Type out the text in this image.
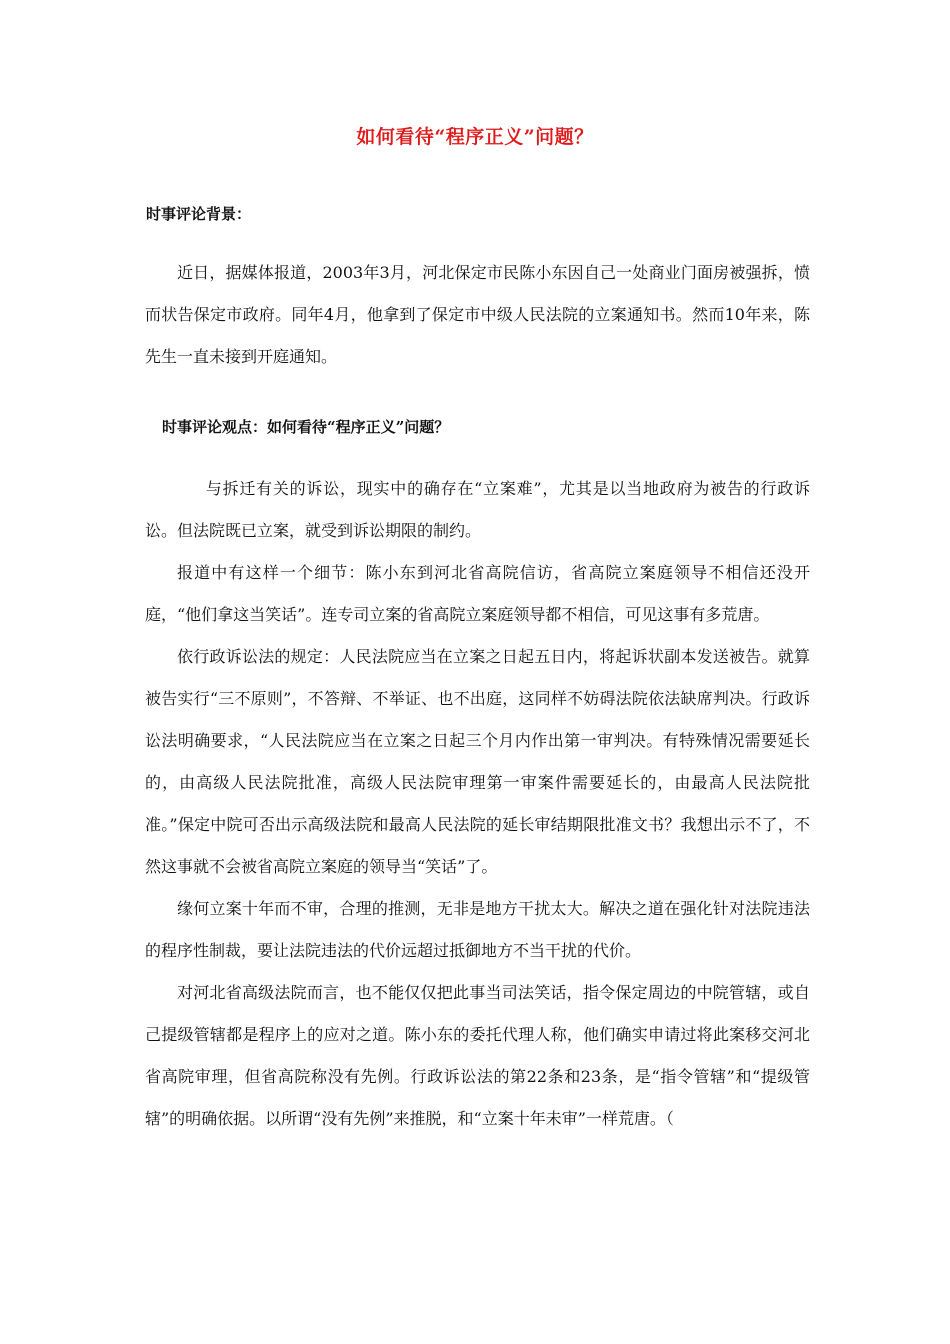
如何看待“程序正义”问题？
时事评论背景：

近日，据媒体报道，2003年3月，河北保定市民陈小东因自己一处商业门面房被强拆，愤而状告保定市政府。同年4月，他拿到了保定市中级人民法院的立案通知书。然而10年来，陈先生一直未接到开庭通知。

时事评论观点：如何看待“程序正义”问题？

与拆迁有关的诉讼，现实中的确存在“立案难”，尤其是以当地政府为被告的行政诉讼。但法院既已立案，就受到诉讼期限的制约。

报道中有这样一个细节：陈小东到河北省高院信访，省高院立案庭领导不相信还没开庭，“他们拿这当笑话”。连专司立案的省高院立案庭领导都不相信，可见这事有多荒唐。

依行政诉讼法的规定：人民法院应当在立案之日起五日内，将起诉状副本发送被告。就算被告实行“三不原则”，不答辩、不举证、也不出庭，这同样不妨碍法院依法缺席判决。行政诉讼法明确要求，“人民法院应当在立案之日起三个月内作出第一审判决。有特殊情况需要延长的，由高级人民法院批准，高级人民法院审理第一审案件需要延长的，由最高人民法院批准。”保定中院可否出示高级法院和最高人民法院的延长审结期限批准文书？我想出示不了，不然这事就不会被省高院立案庭的领导当“笑话”了。

缘何立案十年而不审，合理的推测，无非是地方干扰太大。解决之道在强化针对法院违法的程序性制裁，要让法院违法的代价远超过抵御地方不当干扰的代价。

对河北省高级法院而言，也不能仅仅把此事当司法笑话，指令保定周边的中院管辖，或自己提级管辖都是程序上的应对之道。陈小东的委托代理人称，他们确实申请过将此案移交河北省高院审理，但省高院称没有先例。行政诉讼法的第22条和23条，是“指令管辖”和“提级管辖”的明确依据。以所谓“没有先例”来推脱，和“立案十年未审”一样荒唐。（
